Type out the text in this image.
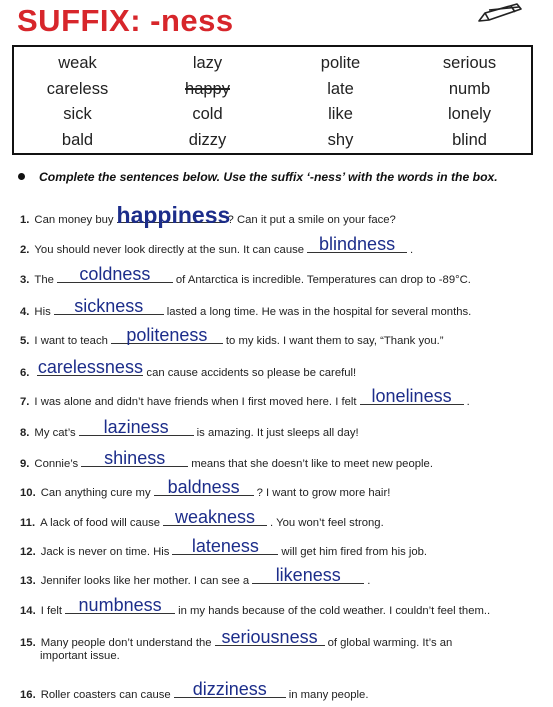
SUFFIX: -ness
weak	lazy	polite	serious
careless	happy	late	numb
sick	cold	like	lonely
bald	dizzy	shy	blind
Complete the sentences below. Use the suffix ‘-ness’ with the words in the box.
1. Can money buy happiness
? Can it put a smile on your face?
2. You should never look directly at the sun. It can cause blindness	.
3. The	coldness	of Antarctica is incredible. Temperatures can drop to -89°C.
4. His	sickness	lasted a long time. He was in the hospital for several months.
5. I want to teach	politeness	to my kids. I want them to say, “Thank you.”
6. carelessness can cause accidents so please be careful!
7. I was alone and didn’t have friends when I first moved here. I felt loneliness	.
8. My cat’s	laziness	is amazing. It just sleeps all day!
9. Connie’s	shiness	means that she doesn’t like to meet new people.
10. Can anything cure my baldness	? I want to grow more hair!
11. A lack of food will cause weakness	. You won’t feel strong.
12. Jack is never on time. His	lateness	will get him fired from his job.
13. Jennifer looks like her mother. I can see a	likeness	.
14. I felt numbness	in my hands because of the cold weather. I couldn’t feel them..
15. Many people don’t understand the seriousness of global warming. It’s an
16. Roller coasters can cause	dizziness	in many people.
important issue.
